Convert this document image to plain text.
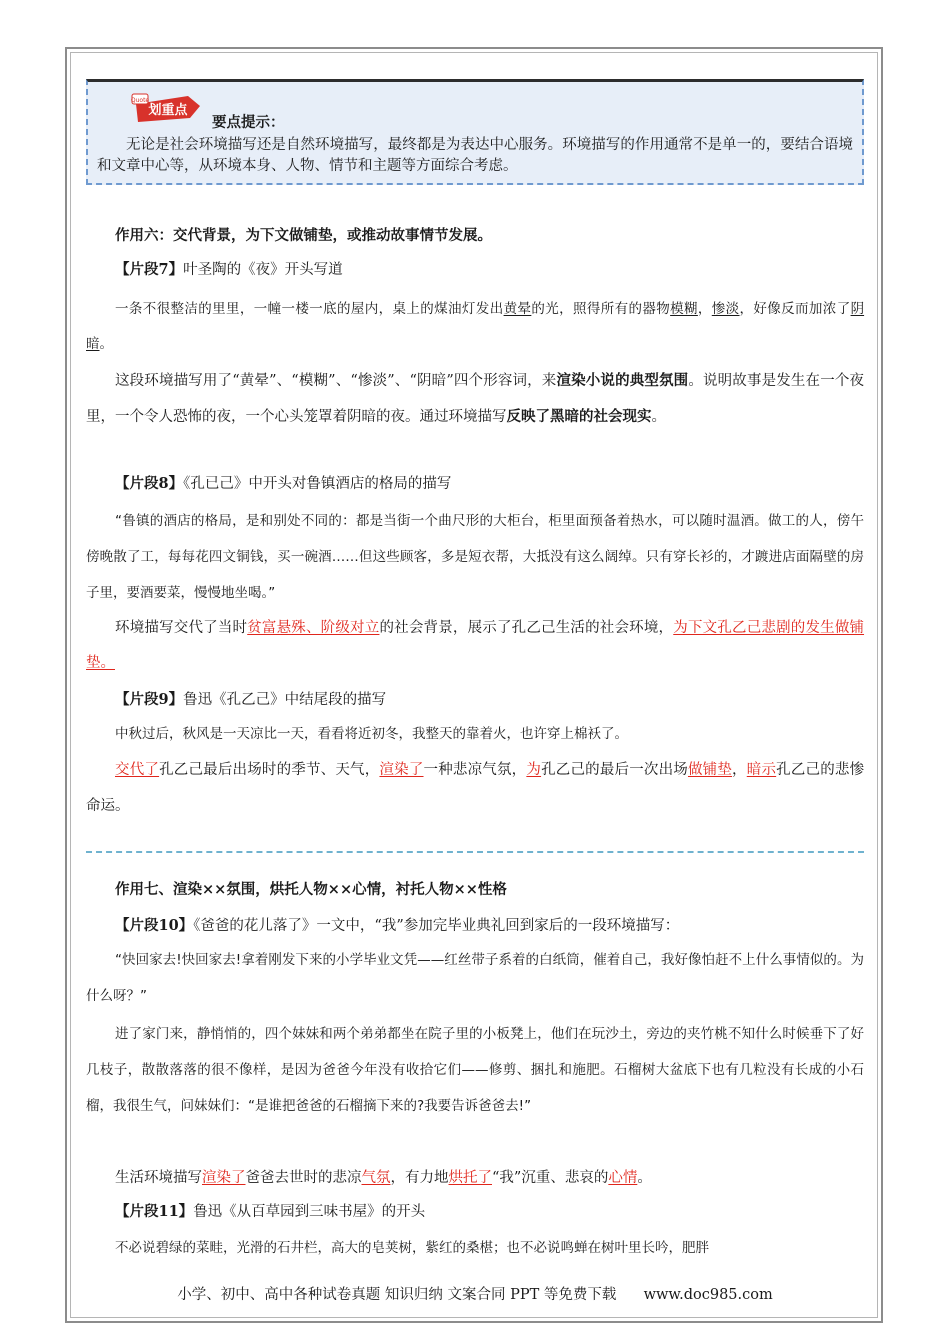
Quote
划重点
要点提示：
无论是社会环境描写还是自然环境描写，最终都是为表达中心服务。环境描写的作用通常不是单一的，要结合语境和文章中心等，从环境本身、人物、情节和主题等方面综合考虑。

作用六：交代背景，为下文做铺垫，或推动故事情节发展。

【片段7】叶圣陶的《夜》开头写道

一条不很整洁的里里，一幢一楼一底的屋内，桌上的煤油灯发出黄晕的光，照得所有的器物模糊，惨淡，好像反而加浓了阴暗。

这段环境描写用了“黄晕”、“模糊”、“惨淡”、“阴暗”四个形容词，来渲染小说的典型氛围。说明故事是发生在一个夜里，一个令人恐怖的夜，一个心头笼罩着阴暗的夜。通过环境描写反映了黑暗的社会现实。

【片段8】《孔已己》中开头对鲁镇酒店的格局的描写

“鲁镇的酒店的格局，是和别处不同的：都是当街一个曲尺形的大柜台，柜里面预备着热水，可以随时温酒。做工的人，傍午傍晚散了工，每每花四文铜钱，买一碗酒……但这些顾客，多是短衣帮，大抵没有这么阔绰。只有穿长衫的，才踱进店面隔壁的房子里，要酒要菜，慢慢地坐喝。”

环境描写交代了当时贫富悬殊、阶级对立的社会背景，展示了孔乙己生活的社会环境，为下文孔乙己悲剧的发生做铺垫。

【片段9】鲁迅《孔乙己》中结尾段的描写

中秋过后，秋风是一天凉比一天，看看将近初冬，我整天的靠着火，也许穿上棉袄了。

交代了孔乙己最后出场时的季节、天气，渲染了一种悲凉气氛，为孔乙己的最后一次出场做铺垫，暗示孔乙己的悲惨命运。

作用七、渲染××氛围，烘托人物××心情，衬托人物××性格

【片段10】《爸爸的花儿落了》一文中，“我”参加完毕业典礼回到家后的一段环境描写：

“快回家去!快回家去!拿着刚发下来的小学毕业文凭——红丝带子系着的白纸筒，催着自己，我好像怕赶不上什么事情似的。为什么呀？”

进了家门来，静悄悄的，四个妹妹和两个弟弟都坐在院子里的小板凳上，他们在玩沙土，旁边的夹竹桃不知什么时候垂下了好几枝子，散散落落的很不像样，是因为爸爸今年没有收拾它们——修剪、捆扎和施肥。石榴树大盆底下也有几粒没有长成的小石榴，我很生气，问妹妹们：“是谁把爸爸的石榴摘下来的?我要告诉爸爸去!”

生活环境描写渲染了爸爸去世时的悲凉气氛，有力地烘托了“我”沉重、悲哀的心情。

【片段11】鲁迅《从百草园到三味书屋》的开头

不必说碧绿的菜畦，光滑的石井栏，高大的皂荚树，紫红的桑椹；也不必说鸣蝉在树叶里长吟，肥胖

小学、初中、高中各种试卷真题 知识归纳 文案合同 PPT 等免费下载 www.doc985.com
